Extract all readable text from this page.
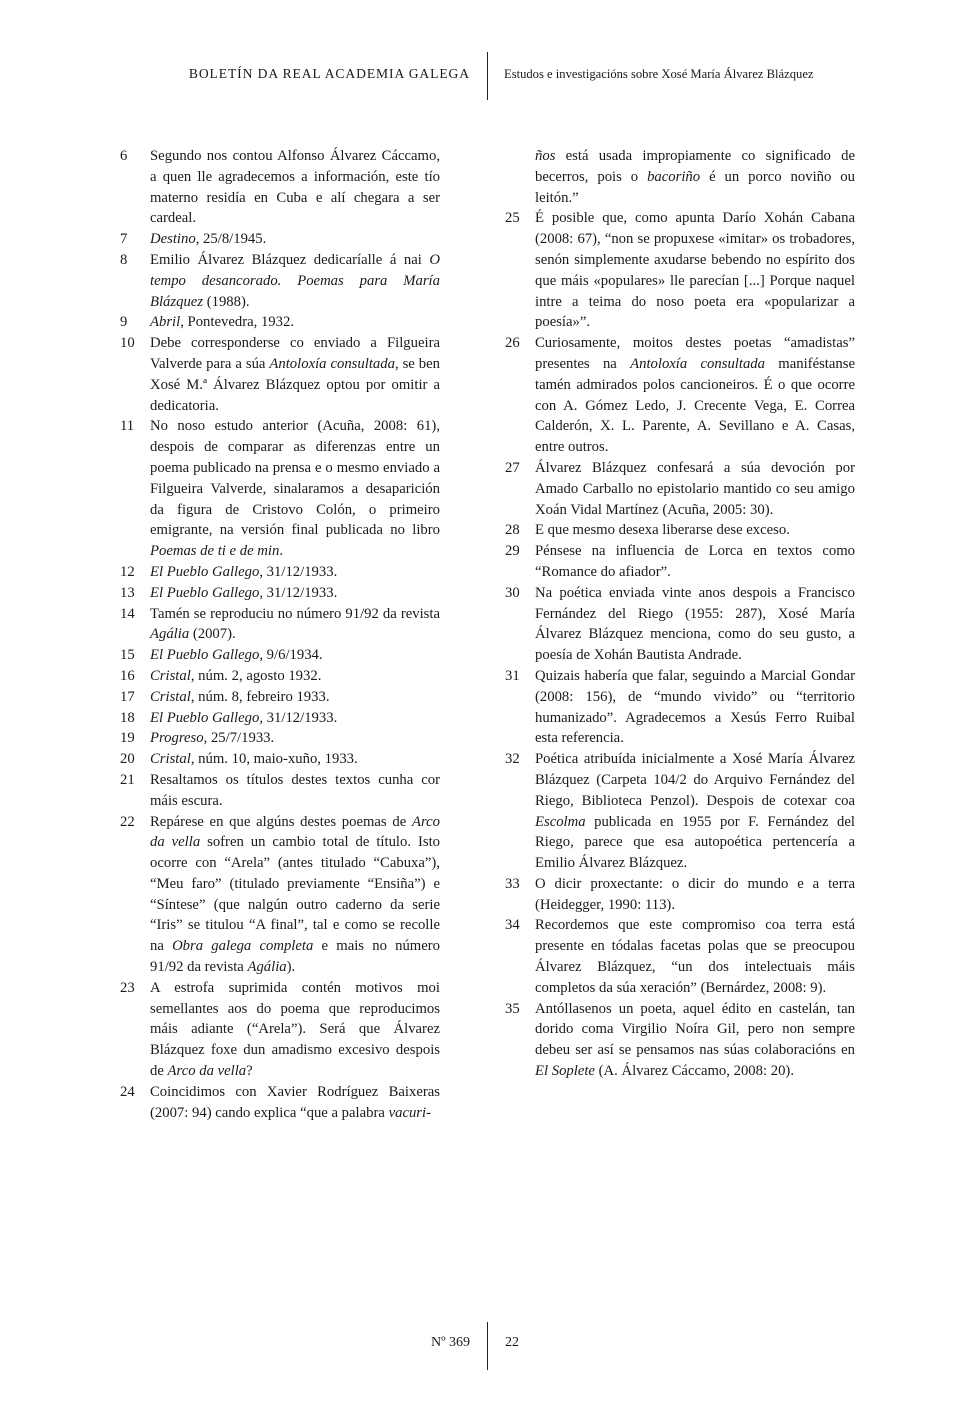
BOLETÍN DA REAL ACADEMIA GALEGA	Estudos e investigacións sobre Xosé María Álvarez Blázquez
6 Segundo nos contou Alfonso Álvarez Cáccamo, a quen lle agradecemos a información, este tío materno residía en Cuba e alí chegara a ser cardeal.
7 Destino, 25/8/1945.
8 Emilio Álvarez Blázquez dedicaríalle á nai O tempo desancorado. Poemas para María Blázquez (1988).
9 Abril, Pontevedra, 1932.
10 Debe corresponderse co enviado a Filgueira Valverde para a súa Antoloxía consultada, se ben Xosé M.ª Álvarez Blázquez optou por omitir a dedicatoria.
11 No noso estudo anterior (Acuña, 2008: 61), despois de comparar as diferenzas entre un poema publicado na prensa e o mesmo enviado a Filgueira Valverde, sinalaramos a desaparición da figura de Cristovo Colón, o primeiro emigrante, na versión final publicada no libro Poemas de ti e de min.
12 El Pueblo Gallego, 31/12/1933.
13 El Pueblo Gallego, 31/12/1933.
14 Tamén se reproduciu no número 91/92 da revista Agália (2007).
15 El Pueblo Gallego, 9/6/1934.
16 Cristal, núm. 2, agosto 1932.
17 Cristal, núm. 8, febreiro 1933.
18 El Pueblo Gallego, 31/12/1933.
19 Progreso, 25/7/1933.
20 Cristal, núm. 10, maio-xuño, 1933.
21 Resaltamos os títulos destes textos cunha cor máis escura.
22 Repárese en que algúns destes poemas de Arco da vella sofren un cambio total de título. Isto ocorre con “Arela” (antes titulado “Cabuxa”), “Meu faro” (titulado previamente “Ensiña”) e “Síntese” (que nalgún outro caderno da serie “Iris” se titulou “A final”, tal e como se recolle na Obra galega completa e mais no número 91/92 da revista Agália).
23 A estrofa suprimida contén motivos moi semellantes aos do poema que reproducimos máis adiante (“Arela”). Será que Álvarez Blázquez foxe dun amadismo excesivo despois de Arco da vella?
24 Coincidimos con Xavier Rodríguez Baixeras (2007: 94) cando explica “que a palabra vacuri-
ños está usada impropiamente co significado de becerros, pois o bacoriño é un porco noviño ou leitón.”
25 É posible que, como apunta Darío Xohán Cabana (2008: 67), “non se propuxese «imitar» os trobadores, senón simplemente axudarse bebendo no espírito dos que máis «populares» lle parecían [...] Porque naquel intre a teima do noso poeta era «popularizar a poesía»”.
26 Curiosamente, moitos destes poetas “amadistas” presentes na Antoloxía consultada maniféstanse tamén admirados polos cancioneiros. É o que ocorre con A. Gómez Ledo, J. Crecente Vega, E. Correa Calderón, X. L. Parente, A. Sevillano e A. Casas, entre outros.
27 Álvarez Blázquez confesará a súa devoción por Amado Carballo no epistolario mantido co seu amigo Xoán Vidal Martínez (Acuña, 2005: 30).
28 E que mesmo desexa liberarse dese exceso.
29 Pénsese na influencia de Lorca en textos como “Romance do afiador”.
30 Na poética enviada vinte anos despois a Francisco Fernández del Riego (1955: 287), Xosé María Álvarez Blázquez menciona, como do seu gusto, a poesía de Xohán Bautista Andrade.
31 Quizais habería que falar, seguindo a Marcial Gondar (2008: 156), de “mundo vivido” ou “territorio humanizado”. Agradecemos a Xesús Ferro Ruibal esta referencia.
32 Poética atribuída inicialmente a Xosé María Álvarez Blázquez (Carpeta 104/2 do Arquivo Fernández del Riego, Biblioteca Penzol). Despois de cotexar coa Escolma publicada en 1955 por F. Fernández del Riego, parece que esa autopoética pertencería a Emilio Álvarez Blázquez.
33 O dicir proxectante: o dicir do mundo e a terra (Heidegger, 1990: 113).
34 Recordemos que este compromiso coa terra está presente en tódalas facetas polas que se preocupou Álvarez Blázquez, “un dos intelectuais máis completos da súa xeración” (Bernárdez, 2008: 9).
35 Antóllasenos un poeta, aquel édito en castelán, tan dorido coma Virgilio Noíra Gil, pero non sempre debeu ser así se pensamos nas súas colaboracións en El Soplete (A. Álvarez Cáccamo, 2008: 20).
Nº 369	22
